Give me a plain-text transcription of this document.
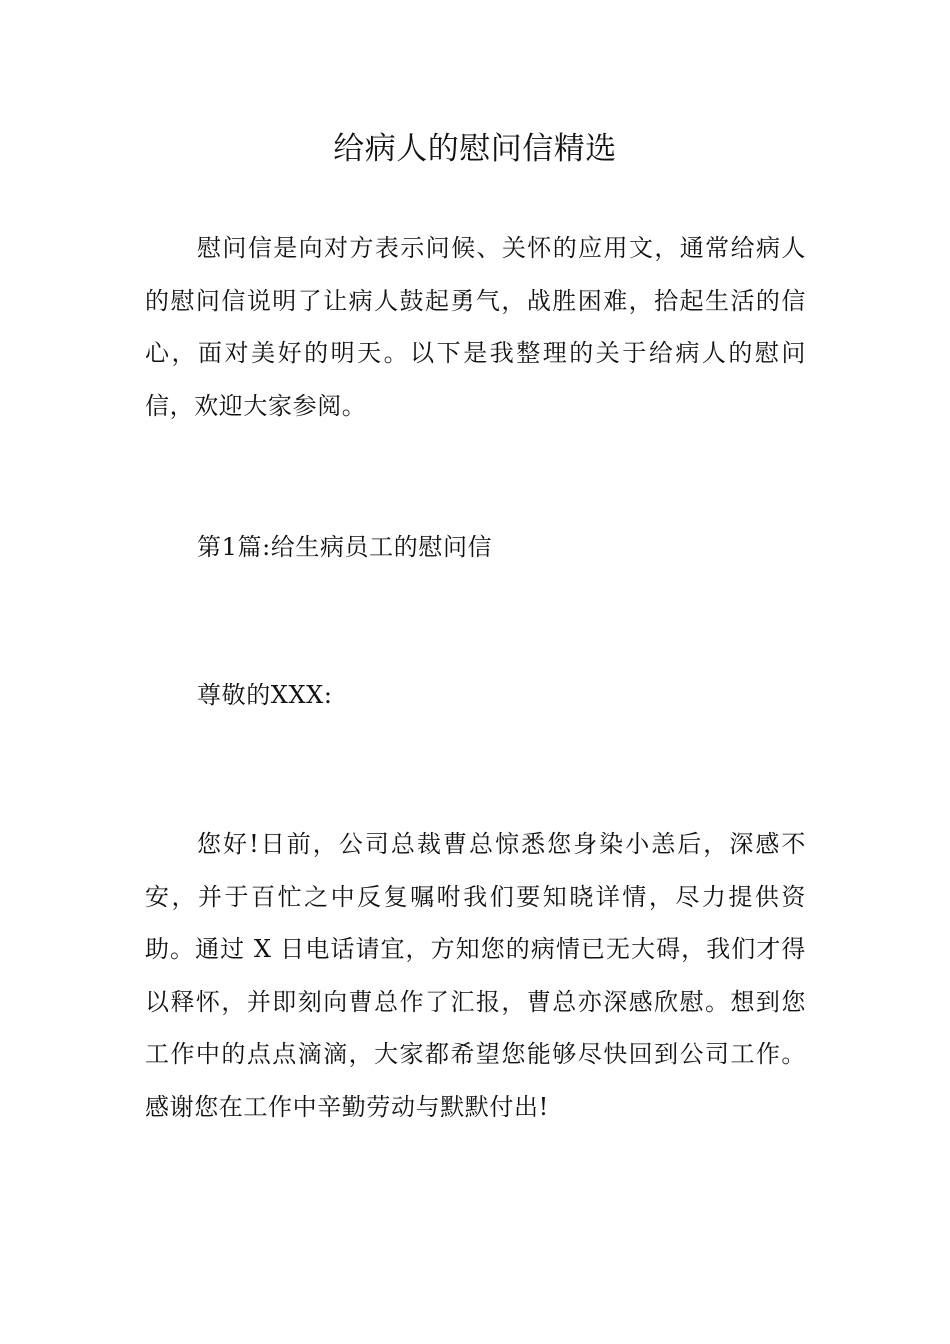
给病人的慰问信精选

慰问信是向对方表示问候、关怀的应用文，通常给病人的慰问信说明了让病人鼓起勇气，战胜困难，拾起生活的信心，面对美好的明天。以下是我整理的关于给病人的慰问信，欢迎大家参阅。

第1篇:给生病员工的慰问信

尊敬的XXX:

您好!日前，公司总裁曹总惊悉您身染小恙后，深感不安，并于百忙之中反复嘱咐我们要知晓详情，尽力提供资助。通过 X 日电话请宜，方知您的病情已无大碍，我们才得以释怀，并即刻向曹总作了汇报，曹总亦深感欣慰。想到您工作中的点点滴滴，大家都希望您能够尽快回到公司工作。感谢您在工作中辛勤劳动与默默付出!
